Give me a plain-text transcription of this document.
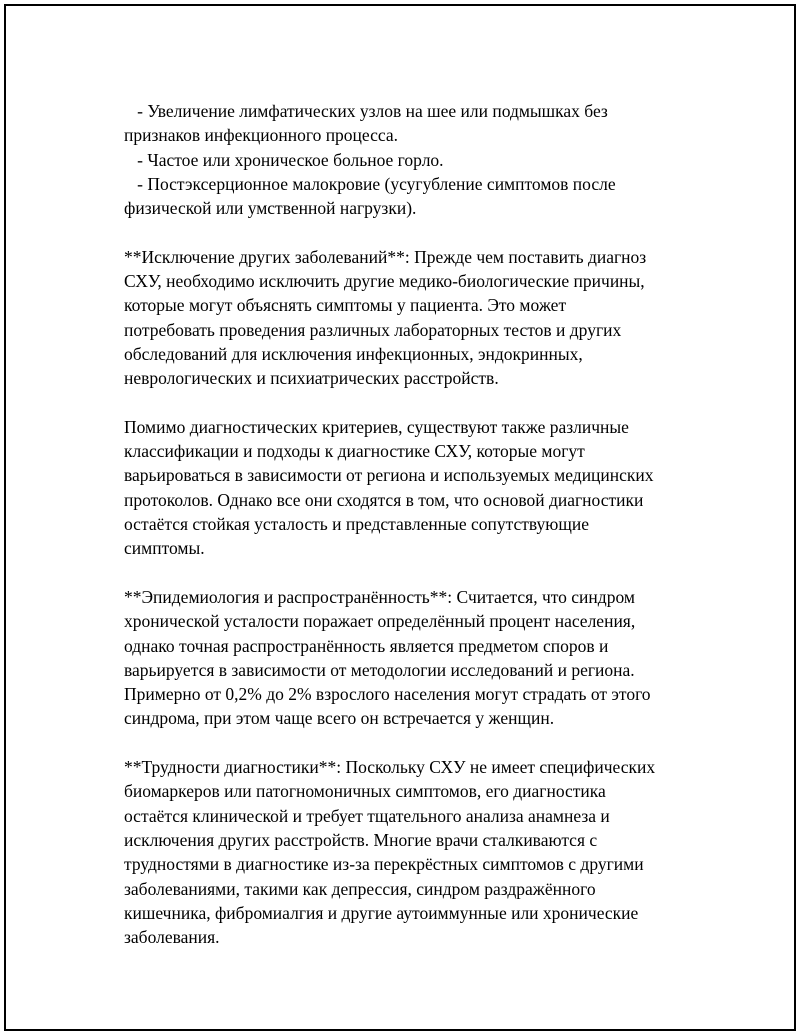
- Увеличение лимфатических узлов на шее или подмышках без
признаков инфекционного процесса.
- Частое или хроническое больное горло.
- Постэксерционное малокровие (усугубление симптомов после
физической или умственной нагрузки).

**Исключение других заболеваний**: Прежде чем поставить диагноз
СХУ, необходимо исключить другие медико-биологические причины,
которые могут объяснять симптомы у пациента. Это может
потребовать проведения различных лабораторных тестов и других
обследований для исключения инфекционных, эндокринных,
неврологических и психиатрических расстройств.

Помимо диагностических критериев, существуют также различные
классификации и подходы к диагностике СХУ, которые могут
варьироваться в зависимости от региона и используемых медицинских
протоколов. Однако все они сходятся в том, что основой диагностики
остаётся стойкая усталость и представленные сопутствующие
симптомы.

**Эпидемиология и распространённость**: Считается, что синдром
хронической усталости поражает определённый процент населения,
однако точная распространённость является предметом споров и
варьируется в зависимости от методологии исследований и региона.
Примерно от 0,2% до 2% взрослого населения могут страдать от этого
синдрома, при этом чаще всего он встречается у женщин.

**Трудности диагностики**: Поскольку СХУ не имеет специфических
биомаркеров или патогномоничных симптомов, его диагностика
остаётся клинической и требует тщательного анализа анамнеза и
исключения других расстройств. Многие врачи сталкиваются с
трудностями в диагностике из-за перекрёстных симптомов с другими
заболеваниями, такими как депрессия, синдром раздражённого
кишечника, фибромиалгия и другие аутоиммунные или хронические
заболевания.
